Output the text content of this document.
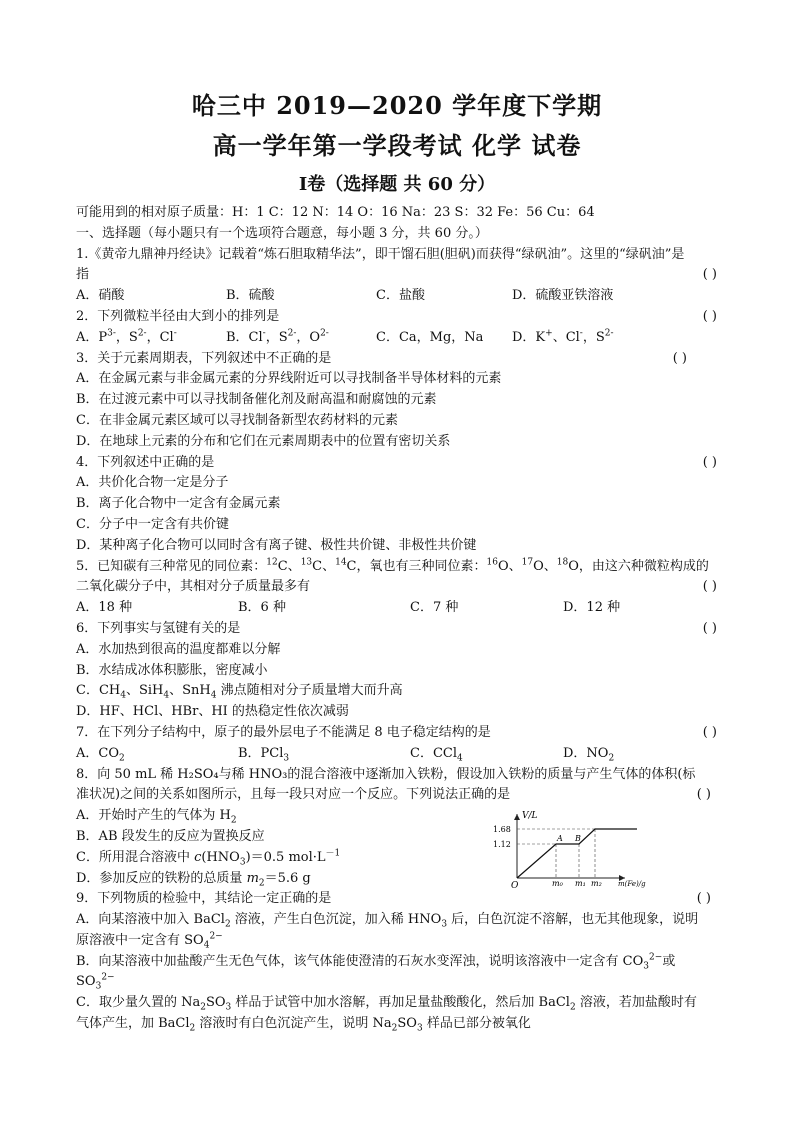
哈三中 2019—2020 学年度下学期
高一学年第一学段考试 化学 试卷
Ⅰ卷（选择题 共 60 分）
可能用到的相对原子质量：H：1 C：12 N：14 O：16 Na：23 S：32 Fe：56 Cu：64
一、选择题（每小题只有一个选项符合题意，每小题 3 分，共 60 分。）
1.《黄帝九鼎神丹经诀》记载着“炼石胆取精华法”，即干馏石胆(胆矾)而获得“绿矾油”。这里的“绿矾油”是
指	( )
A．硝酸	B．硫酸	C．盐酸	D．硫酸亚铁溶液
2．下列微粒半径由大到小的排列是	( )
A．$P^{3-}$，$S^{2-}$，Cl-	B．Cl-，$S^{2-}$，$O^{2-}$	C．Ca，Mg，Na D．K+、Cl-，$S^{2-}$
3．关于元素周期表，下列叙述中不正确的是	( )
A．在金属元素与非金属元素的分界线附近可以寻找制备半导体材料的元素
B．在过渡元素中可以寻找制备催化剂及耐高温和耐腐蚀的元素
C．在非金属元素区域可以寻找制备新型农药材料的元素
D．在地球上元素的分布和它们在元素周期表中的位置有密切关系
4．下列叙述中正确的是	( )
A．共价化合物一定是分子
B．离子化合物中一定含有金属元素
C．分子中一定含有共价键
D．某种离子化合物可以同时含有离子键、极性共价键、非极性共价键
5．已知碳有三种常见的同位素：$^{12}$C、$^{13}$C、$^{14}$C，氧也有三种同位素：$^{16}$O、$^{17}$O、$^{18}$O，由这六种微粒构成的
二氧化碳分子中，其相对分子质量最多有	( )
A．18 种	B．6 种	C．7 种	D．12 种
6．下列事实与氢键有关的是	( )
A．水加热到很高的温度都难以分解
B．水结成冰体积膨胀，密度减小
C．$CH_4$、SiH$_4$、SnH$_4$ 沸点随相对分子质量增大而升高
D．HF、HCl、HBr、HI 的热稳定性依次减弱
7．在下列分子结构中，原子的最外层电子不能满足 8 电子稳定结构的是	( )
A．$CO_2$	B．PCl$_3$	C．CCl$_4$	D．$NO_2$
8．向 50 mL 稀 H₂SO₄与稀 HNO₃的混合溶液中逐渐加入铁粉，假设加入铁粉的质量与产生气体的体积(标
准状况)之间的关系如图所示，且每一段只对应一个反应。下列说法正确的是	( )
A．开始时产生的气体为 $H_2$
B．AB 段发生的反应为置换反应
C．所用混合溶液中 $c(HNO_3)=0.5$ $mol\cdot L^{-1}$
D．参加反应的铁粉的总质量 $m_2=5.6$ g
9．下列物质的检验中，其结论一定正确的是	( )
A．向某溶液中加入 BaCl$_2$ 溶液，产生白色沉淀，加入稀 $HNO_3$ 后，白色沉淀不溶解，也无其他现象，说明
原溶液中一定含有 $SO_4^{2-}$
B．向某溶液中加盐酸产生无色气体，该气体能使澄清的石灰水变浑浊，说明该溶液中一定含有 $CO_3^{2-}$或
$SO_3^{2-}$
C．取少量久置的 $Na_2SO_3$ 样品于试管中加水溶解，再加足量盐酸酸化，然后加 BaCl$_2$ 溶液，若加盐酸时有
气体产生，加 BaCl$_2$ 溶液时有白色沉淀产生，说明 $Na_2SO_3$ 样品已部分被氧化
V/L
m(Fe)/g
O
1.68
1.12
m₀ m₁ m₂
A B
